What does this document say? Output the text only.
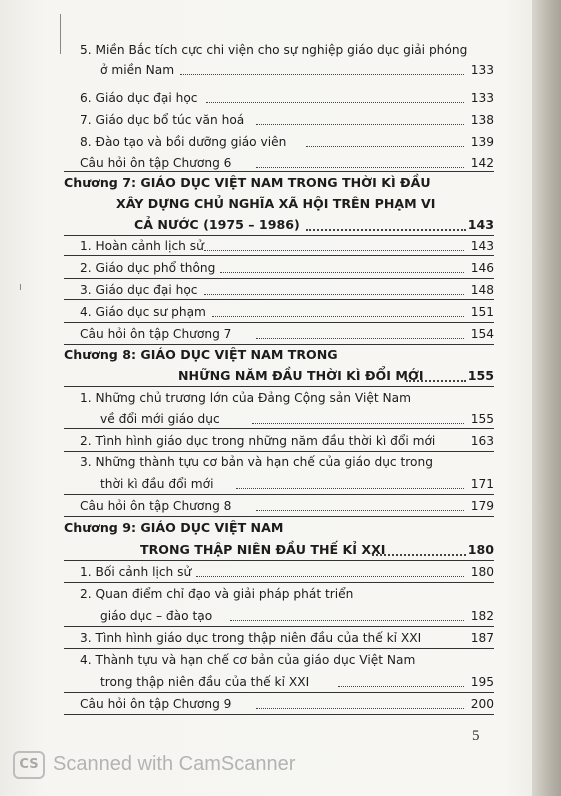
5. Miền Bắc tích cực chi viện cho sự nghiệp giáo dục giải phóng
ở miền Nam	133
6. Giáo dục đại học	133
7. Giáo dục bổ túc văn hoá	138
8. Đào tạo và bồi dưỡng giáo viên	139
Câu hỏi ôn tập Chương 6	142
Chương 7: GIÁO DỤC VIỆT NAM TRONG THỜI KÌ ĐẦU
XÂY DỰNG CHỦ NGHĨA XÃ HỘI TRÊN PHẠM VI
CẢ NƯỚC (1975 – 1986)	143
1. Hoàn cảnh lịch sử	143
2. Giáo dục phổ thông	146
3. Giáo dục đại học	148
4. Giáo dục sư phạm	151
Câu hỏi ôn tập Chương 7	154
Chương 8: GIÁO DỤC VIỆT NAM TRONG
NHỮNG NĂM ĐẦU THỜI KÌ ĐỔI MỚI	155
1. Những chủ trương lớn của Đảng Cộng sản Việt Nam
về đổi mới giáo dục	155
2. Tình hình giáo dục trong những năm đầu thời kì đổi mới	163
3. Những thành tựu cơ bản và hạn chế của giáo dục trong
thời kì đầu đổi mới	171
Câu hỏi ôn tập Chương 8	179
Chương 9: GIÁO DỤC VIỆT NAM
TRONG THẬP NIÊN ĐẦU THẾ KỈ XXI	180
1. Bối cảnh lịch sử	180
2. Quan điểm chỉ đạo và giải pháp phát triển
giáo dục – đào tạo	182
3. Tình hình giáo dục trong thập niên đầu của thế kỉ XXI	187
4. Thành tựu và hạn chế cơ bản của giáo dục Việt Nam
trong thập niên đầu của thế kỉ XXI	195
Câu hỏi ôn tập Chương 9	200
5
CS Scanned with CamScanner
